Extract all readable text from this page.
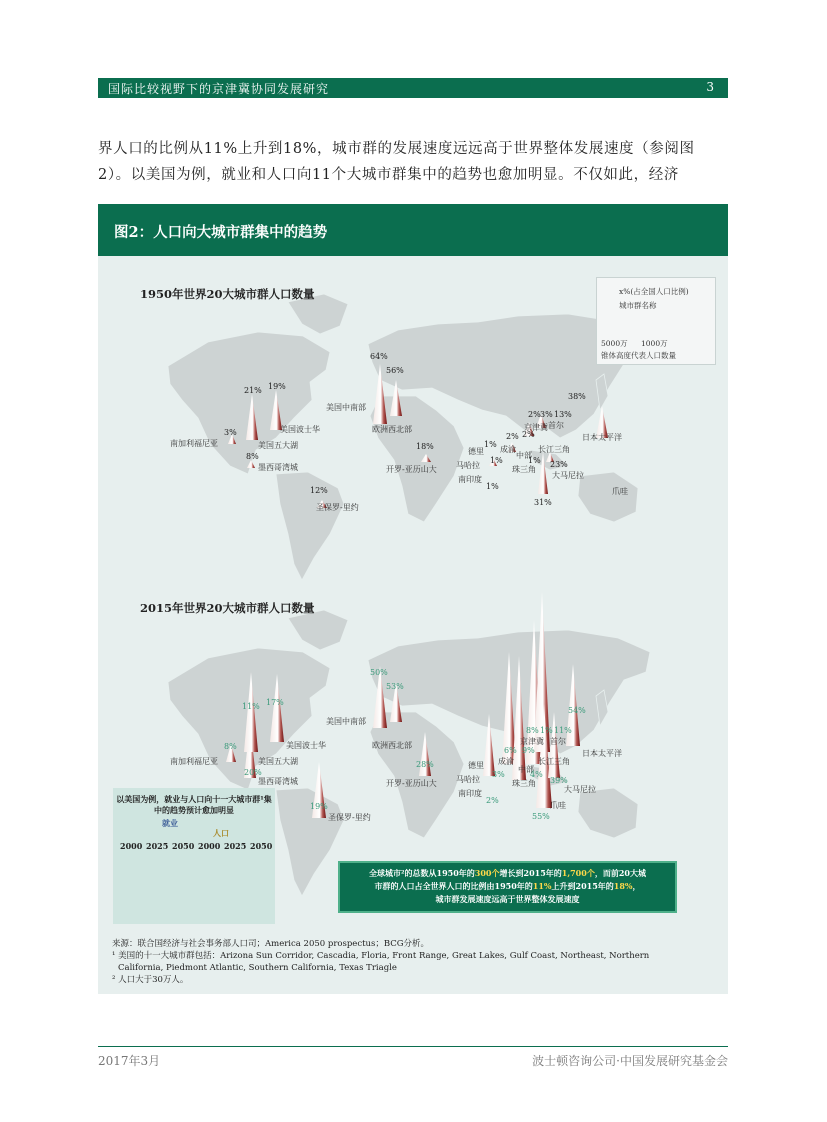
国际比较视野下的京津冀协同发展研究	3
界人口的比例从11%上升到18%，城市群的发展速度远远高于世界整体发展速度（参阅图
2）。以美国为例，就业和人口向11个大城市群集中的趋势也愈加明显。不仅如此，经济
图2：人口向大城市群集中的趋势
1950年世界20大城市群人口数量
2015年世界20大城市群人口数量
x%(占全国人口比例)
城市群名称
5000万 1000万
锥体高度代表人口数量
南加利福尼亚
美国波士华
美国五大湖
墨西哥湾城
美国中南部
欧洲西北部
开罗-亚历山大
圣保罗-里约
德里
马哈拉
南印度
成渝
中部
珠三角
京津冀 首尔
长江三角
日本太平洋
大马尼拉
爪哇
3%
21% 19%
8%
64%
56%
18%
12%
2% 3% 13%
2% 2%
1%
1%	1%
1%
38%
23%
31%
南加利福尼亚
美国波士华
美国五大湖
墨西哥湾城
美国中南部
欧洲西北部
开罗-亚历山大
圣保罗-里约
德里
马哈拉
南印度
成渝
中部
珠三角
京津冀 首尔
长江三角
日本太平洋
大马尼拉
爪哇
8%
17%
11%
20%
50%
53%
28%
19%
8% 1% 11%
6% 9%
3%	4%
2%
54%
39%
55%
以美国为例，就业与人口向十一大城市群¹集中的趋势预计愈加明显
就业
人口
2000 2025 2050 2000 2025 2050
全球城市²的总数从1950年的300个增长到2015年的1,700个，而前20大城
市群的人口占全世界人口的比例由1950年的11%上升到2015年的18%，
城市群发展速度远高于世界整体发展速度
来源：联合国经济与社会事务部人口司；America 2050 prospectus；BCG分析。
¹ 美国的十一大城市群包括：Arizona Sun Corridor, Cascadia, Floria, Front Range, Great Lakes, Gulf Coast, Northeast, Northern
California, Piedmont Atlantic, Southern California, Texas Triagle
² 人口大于30万人。
2017年3月	波士顿咨询公司·中国发展研究基金会
